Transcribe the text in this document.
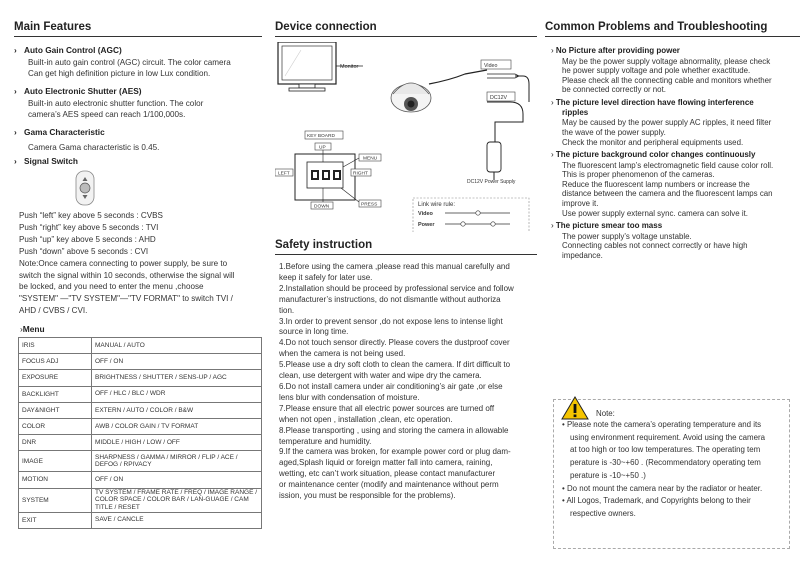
Main Features
› Auto Gain Control (AGC)
Built-in auto gain control (AGC) circuit. The color camera
Can get high definition picture in low Lux condition.
› Auto Electronic Shutter (AES)
Built-in auto electronic shutter function. The color
camera’s AES speed can reach 1/100,000s.
› Gama Characteristic
Camera Gama characteristic is 0.45.
› Signal Switch
Push “left” key above 5 seconds : CVBS
Push “right” key above 5 seconds : TVI
Push “up” key above 5 seconds : AHD
Push “down” above 5 seconds : CVI
Note:Once camera connecting to power supply, be sure to
switch the signal within 10 seconds, otherwise the signal will
be locked, and you need to enter the menu ,choose
"SYSTEM" —"TV SYSTEM"—"TV FORMAT" to switch TVI /
AHD / CVBS / CVI.
›Menu
IRIS	MANUAL / AUTO
FOCUS ADJ	OFF / ON
EXPOSURE	BRIGHTNESS / SHUTTER / SENS-UP / AGC
BACKLIGHT	OFF / HLC / BLC / WDR
DAY&NIGHT	EXTERN / AUTO / COLOR / B&W
COLOR	AWB / COLOR GAIN / TV FORMAT
DNR	MIDDLE / HIGH / LOW / OFF
IMAGE	SHARPNESS / GAMMA / MIRROR / FLIP / ACE / DEFOG / RPIVACY
MOTION	OFF / ON
SYSTEM	TV SYSTEM / FRAME RATE / FREQ / IMAGE RANGE / COLOR SPACE / COLOR BAR / LAN-GUAGE / CAM TITLE / RESET
EXIT	SAVE / CANCLE
Device connection
Monitor	Video
DC12V
DC12V Power Supply
KEY BOARD
UP
MENU
LEFT	RIGHT
DOWN	PRESS	Link wire rule:
Video
Power
Safety instruction
1.Before using the camera ,please read this manual carefully and
keep it safely for later use.
2.Installation should be proceed by professional service and follow
manufacturer’s instructions, do not dismantle without authoriza
tion.
3.In order to prevent sensor ,do not expose lens to intense light
source in long time.
4.Do not touch sensor directly. Please covers the dustproof cover
when the camera is not being used.
5.Please use a dry soft cloth to clean the camera. If dirt difficult to
clean, use detergent with water and wipe dry the camera.
6.Do not install camera under air conditioning’s air gate ,or else
lens blur with condensation of moisture.
7.Please ensure that all electric power sources are turned off
when not open , installation ,clean, etc operation.
8.Please transporting , using and storing the camera in allowable
temperature and humidity.
9.If the camera was broken, for example power cord or plug dam-
aged,Splash liquid or foreign matter fall into camera, raining,
wetting, etc can’t work situation, please contact manufacturer
or maintenance center (modify and maintenance without perm
ission, you must be responsible for the problems).
Common Problems and Troubleshooting
› No Picture after providing power
May be the power supply voltage abnormality, please check
he power supply voltage and pole whether exactitude.
Please check all the connecting cable and monitors whether
be connected correctly or not.
› The picture level direction have flowing interference
ripples
May be caused by the power supply AC ripples, it need filter
the wave of the power supply.
Check the monitor and peripheral equipments used.
› The picture background color changes continuously
The fluorescent lamp’s electromagnetic field cause color roll.
This is proper phenomenon of the cameras.
Reduce the fluorescent lamp numbers or increase the
distance between the camera and the fluorescent lamps can
improve it.
Use power supply external sync. camera can solve it.
› The picture smear too mass
The power supply’s voltage unstable.
Connecting cables not connect correctly or have high
impedance.
Note:
• Please note the camera’s operating temperature and its
using environment requirement. Avoid using the camera
at too high or too low temperatures. The operating tem
perature is -30~+60 . (Recommendatory operating tem
perature is -10~+50 .)
• Do not mount the camera near by the radiator or heater.
• All Logos, Trademark, and Copyrights belong to their
respective owners.
